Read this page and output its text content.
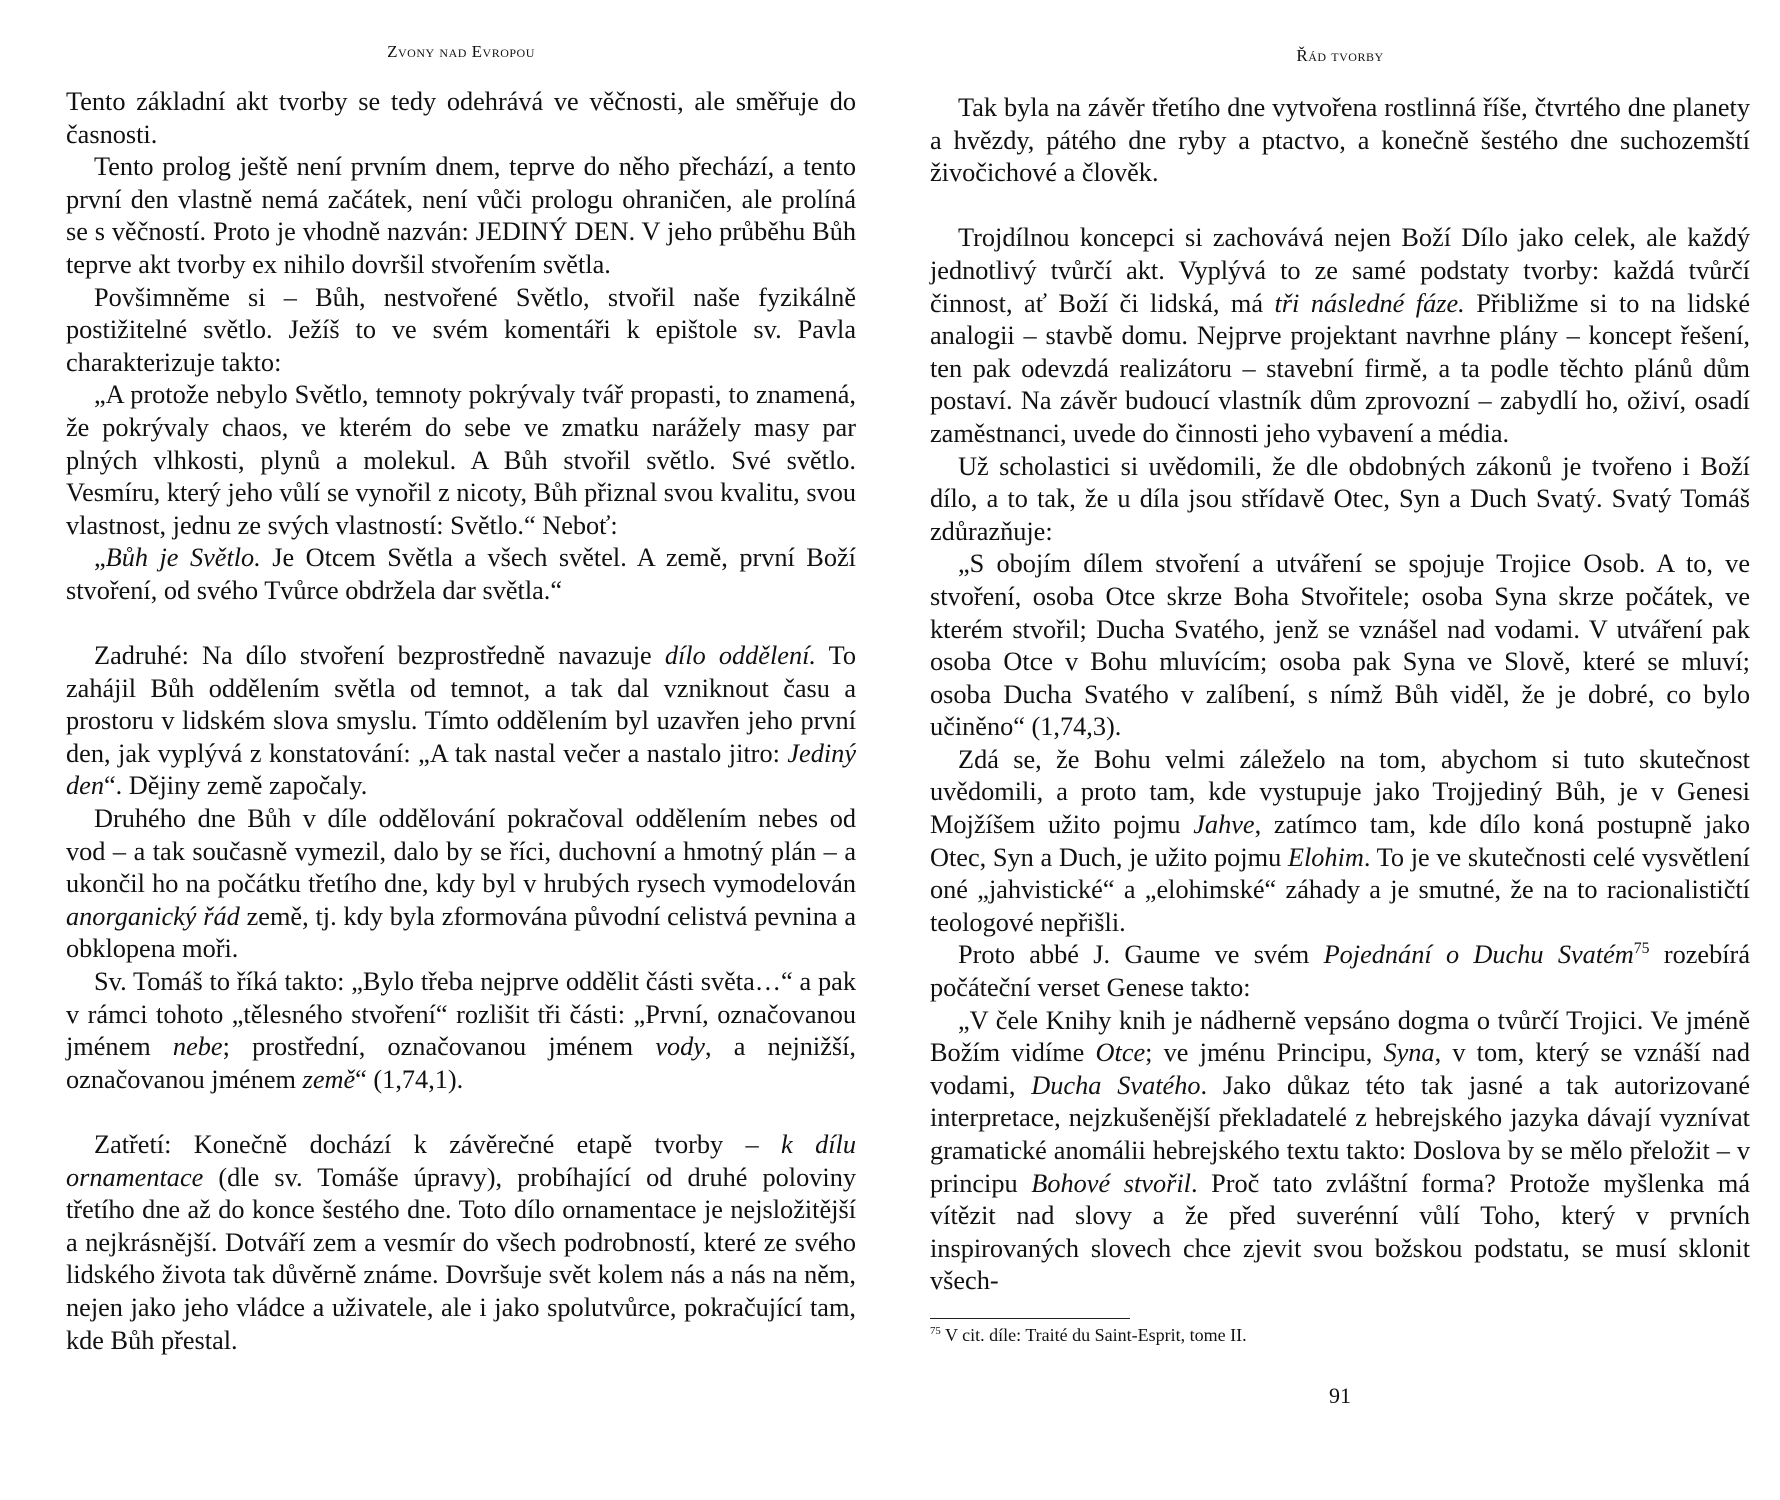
Zvony nad Evropou

Tento základní akt tvorby se tedy odehrává ve věčnosti, ale směřuje do časnosti.

Tento prolog ještě není prvním dnem, teprve do něho přechází, a tento první den vlastně nemá začátek, není vůči prologu ohraničen, ale prolíná se s věčností. Proto je vhodně nazván: JEDINÝ DEN. V jeho průběhu Bůh teprve akt tvorby ex nihilo dovršil stvořením světla.

Povšimněme si – Bůh, nestvořené Světlo, stvořil naše fyzikálně postižitelné světlo. Ježíš to ve svém komentáři k epištole sv. Pavla charakterizuje takto:

„A protože nebylo Světlo, temnoty pokrývaly tvář propasti, to znamená, že pokrývaly chaos, ve kterém do sebe ve zmatku narážely masy par plných vlhkosti, plynů a molekul. A Bůh stvořil světlo. Své světlo. Vesmíru, který jeho vůlí se vynořil z nicoty, Bůh přiznal svou kvalitu, svou vlastnost, jednu ze svých vlastností: Světlo.“ Neboť:

„Bůh je Světlo. Je Otcem Světla a všech světel. A země, první Boží stvoření, od svého Tvůrce obdržela dar světla.“

Zadruhé: Na dílo stvoření bezprostředně navazuje dílo oddělení. To zahájil Bůh oddělením světla od temnot, a tak dal vzniknout času a prostoru v lidském slova smyslu. Tímto oddělením byl uzavřen jeho první den, jak vyplývá z konstatování: „A tak nastal večer a nastalo jitro: Jediný den“. Dějiny země započaly.

Druhého dne Bůh v díle oddělování pokračoval oddělením nebes od vod – a tak současně vymezil, dalo by se říci, duchovní a hmotný plán – a ukončil ho na počátku třetího dne, kdy byl v hrubých rysech vymodelován anorganický řád země, tj. kdy byla zformována původní celistvá pevnina a obklopena moři.

Sv. Tomáš to říká takto: „Bylo třeba nejprve oddělit části světa…“ a pak v rámci tohoto „tělesného stvoření“ rozlišit tři části: „První, označovanou jménem nebe; prostřední, označovanou jménem vody, a nejnižší, označovanou jménem země“ (1,74,1).

Zatřetí: Konečně dochází k závěrečné etapě tvorby – k dílu ornamentace (dle sv. Tomáše úpravy), probíhající od druhé poloviny třetího dne až do konce šestého dne. Toto dílo ornamentace je nejsložitější a nejkrásnější. Dotváří zem a vesmír do všech podrobností, které ze svého lidského života tak důvěrně známe. Dovršuje svět kolem nás a nás na něm, nejen jako jeho vládce a uživatele, ale i jako spolutvůrce, pokračující tam, kde Bůh přestal.

Řád tvorby

Tak byla na závěr třetího dne vytvořena rostlinná říše, čtvrtého dne planety a hvězdy, pátého dne ryby a ptactvo, a konečně šestého dne suchozemští živočichové a člověk.

Trojdílnou koncepci si zachovává nejen Boží Dílo jako celek, ale každý jednotlivý tvůrčí akt. Vyplývá to ze samé podstaty tvorby: každá tvůrčí činnost, ať Boží či lidská, má tři následné fáze. Přibližme si to na lidské analogii – stavbě domu. Nejprve projektant navrhne plány – koncept řešení, ten pak odevzdá realizátoru – stavební firmě, a ta podle těchto plánů dům postaví. Na závěr budoucí vlastník dům zprovozní – zabydlí ho, oživí, osadí zaměstnanci, uvede do činnosti jeho vybavení a média.

Už scholastici si uvědomili, že dle obdobných zákonů je tvořeno i Boží dílo, a to tak, že u díla jsou střídavě Otec, Syn a Duch Svatý. Svatý Tomáš zdůrazňuje:

„S obojím dílem stvoření a utváření se spojuje Trojice Osob. A to, ve stvoření, osoba Otce skrze Boha Stvořitele; osoba Syna skrze počátek, ve kterém stvořil; Ducha Svatého, jenž se vznášel nad vodami. V utváření pak osoba Otce v Bohu mluvícím; osoba pak Syna ve Slově, které se mluví; osoba Ducha Svatého v zalíbení, s nímž Bůh viděl, že je dobré, co bylo učiněno“ (1,74,3).

Zdá se, že Bohu velmi záleželo na tom, abychom si tuto skutečnost uvědomili, a proto tam, kde vystupuje jako Trojjediný Bůh, je v Genesi Mojžíšem užito pojmu Jahve, zatímco tam, kde dílo koná postupně jako Otec, Syn a Duch, je užito pojmu Elohim. To je ve skutečnosti celé vysvětlení oné „jahvistické“ a „elohimské“ záhady a je smutné, že na to racionalističtí teologové nepřišli.

Proto abbé J. Gaume ve svém Pojednání o Duchu Svatém$^{75}$ rozebírá počáteční verset Genese takto:

„V čele Knihy knih je nádherně vepsáno dogma o tvůrčí Trojici. Ve jméně Božím vidíme Otce; ve jménu Principu, Syna, v tom, který se vznáší nad vodami, Ducha Svatého. Jako důkaz této tak jasné a tak autorizované interpretace, nejzkušenější překladatelé z hebrejského jazyka dávají vyznívat gramatické anomálii hebrejského textu takto: Doslova by se mělo přeložit – v principu Bohové stvořil. Proč tato zvláštní forma? Protože myšlenka má vítězit nad slovy a že před suverénní vůlí Toho, který v prvních inspirovaných slovech chce zjevit svou božskou podstatu, se musí sklonit všech-

$^{75}$ V cit. díle: Traité du Saint-Esprit, tome II.
91
